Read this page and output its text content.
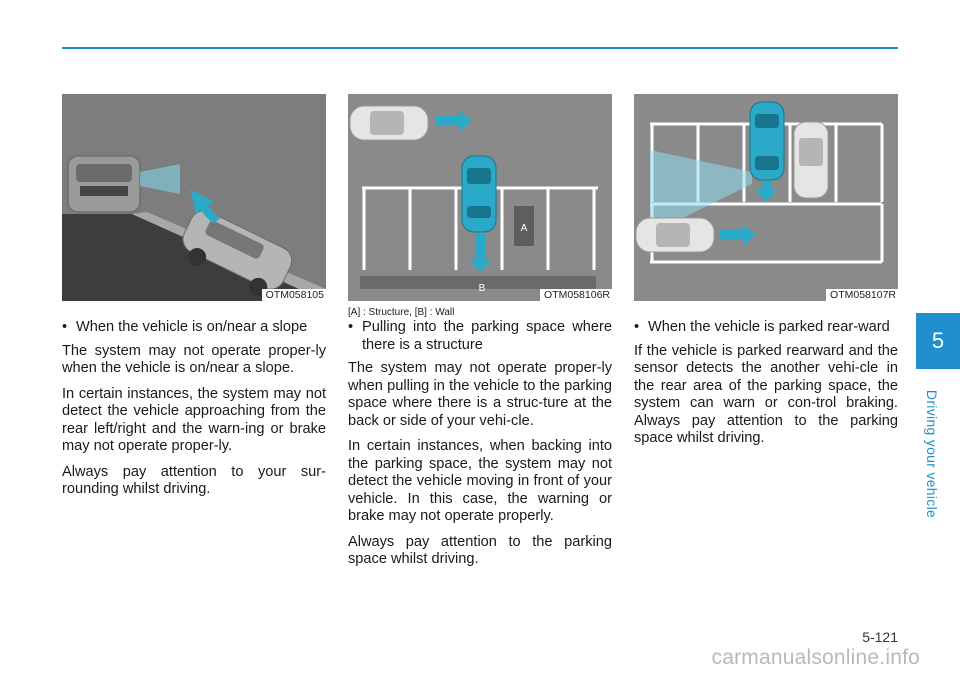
OTM058105
• When the vehicle is on/near a slope

The system may not operate proper-ly when the vehicle is on/near a slope.

In certain instances, the system may not detect the vehicle approaching from the rear left/right and the warn-ing or brake may not operate proper-ly.

Always pay attention to your sur-rounding whilst driving.

A
B
OTM058106R
[A] : Structure, [B] : Wall
• Pulling into the parking space where there is a structure

The system may not operate proper-ly when pulling in the vehicle to the parking space where there is a struc-ture at the back or side of your vehi-cle.

In certain instances, when backing into the parking space, the system may not detect the vehicle moving in front of your vehicle. In this case, the warning or brake may not operate properly.

Always pay attention to the parking space whilst driving.

OTM058107R
• When the vehicle is parked rear-ward

If the vehicle is parked rearward and the sensor detects the another vehi-cle in the rear area of the parking space, the system can warn or con-trol braking. Always pay attention to the parking space whilst driving.

5
Driving your vehicle
5-121
carmanualsonline.info
